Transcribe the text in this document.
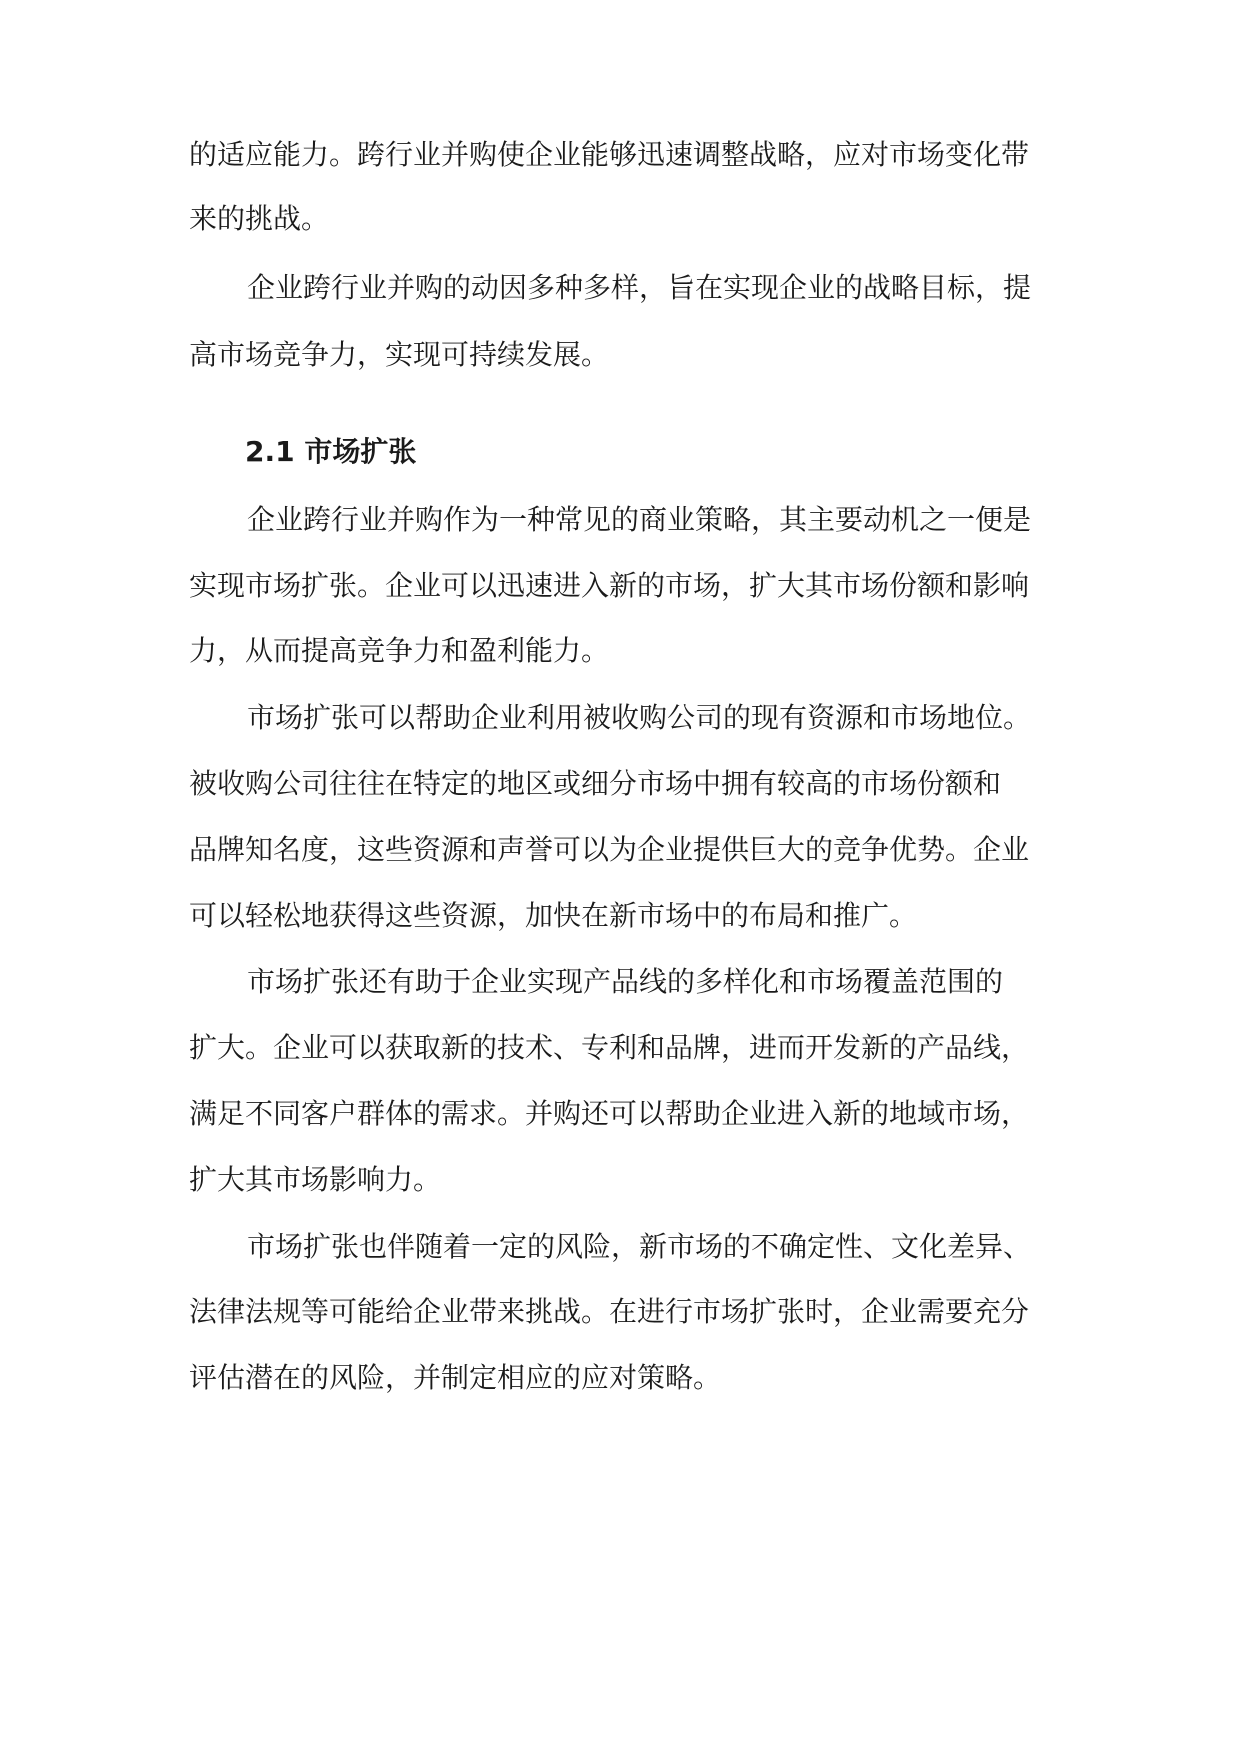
的适应能力。跨行业并购使企业能够迅速调整战略，应对市场变化带
来的挑战。
企业跨行业并购的动因多种多样，旨在实现企业的战略目标，提
高市场竞争力，实现可持续发展。
2.1 市场扩张
企业跨行业并购作为一种常见的商业策略，其主要动机之一便是
实现市场扩张。企业可以迅速进入新的市场，扩大其市场份额和影响
力，从而提高竞争力和盈利能力。
市场扩张可以帮助企业利用被收购公司的现有资源和市场地位。
被收购公司往往在特定的地区或细分市场中拥有较高的市场份额和
品牌知名度，这些资源和声誉可以为企业提供巨大的竞争优势。企业
可以轻松地获得这些资源，加快在新市场中的布局和推广。
市场扩张还有助于企业实现产品线的多样化和市场覆盖范围的
扩大。企业可以获取新的技术、专利和品牌，进而开发新的产品线，
满足不同客户群体的需求。并购还可以帮助企业进入新的地域市场，
扩大其市场影响力。
市场扩张也伴随着一定的风险，新市场的不确定性、文化差异、
法律法规等可能给企业带来挑战。在进行市场扩张时，企业需要充分
评估潜在的风险，并制定相应的应对策略。
